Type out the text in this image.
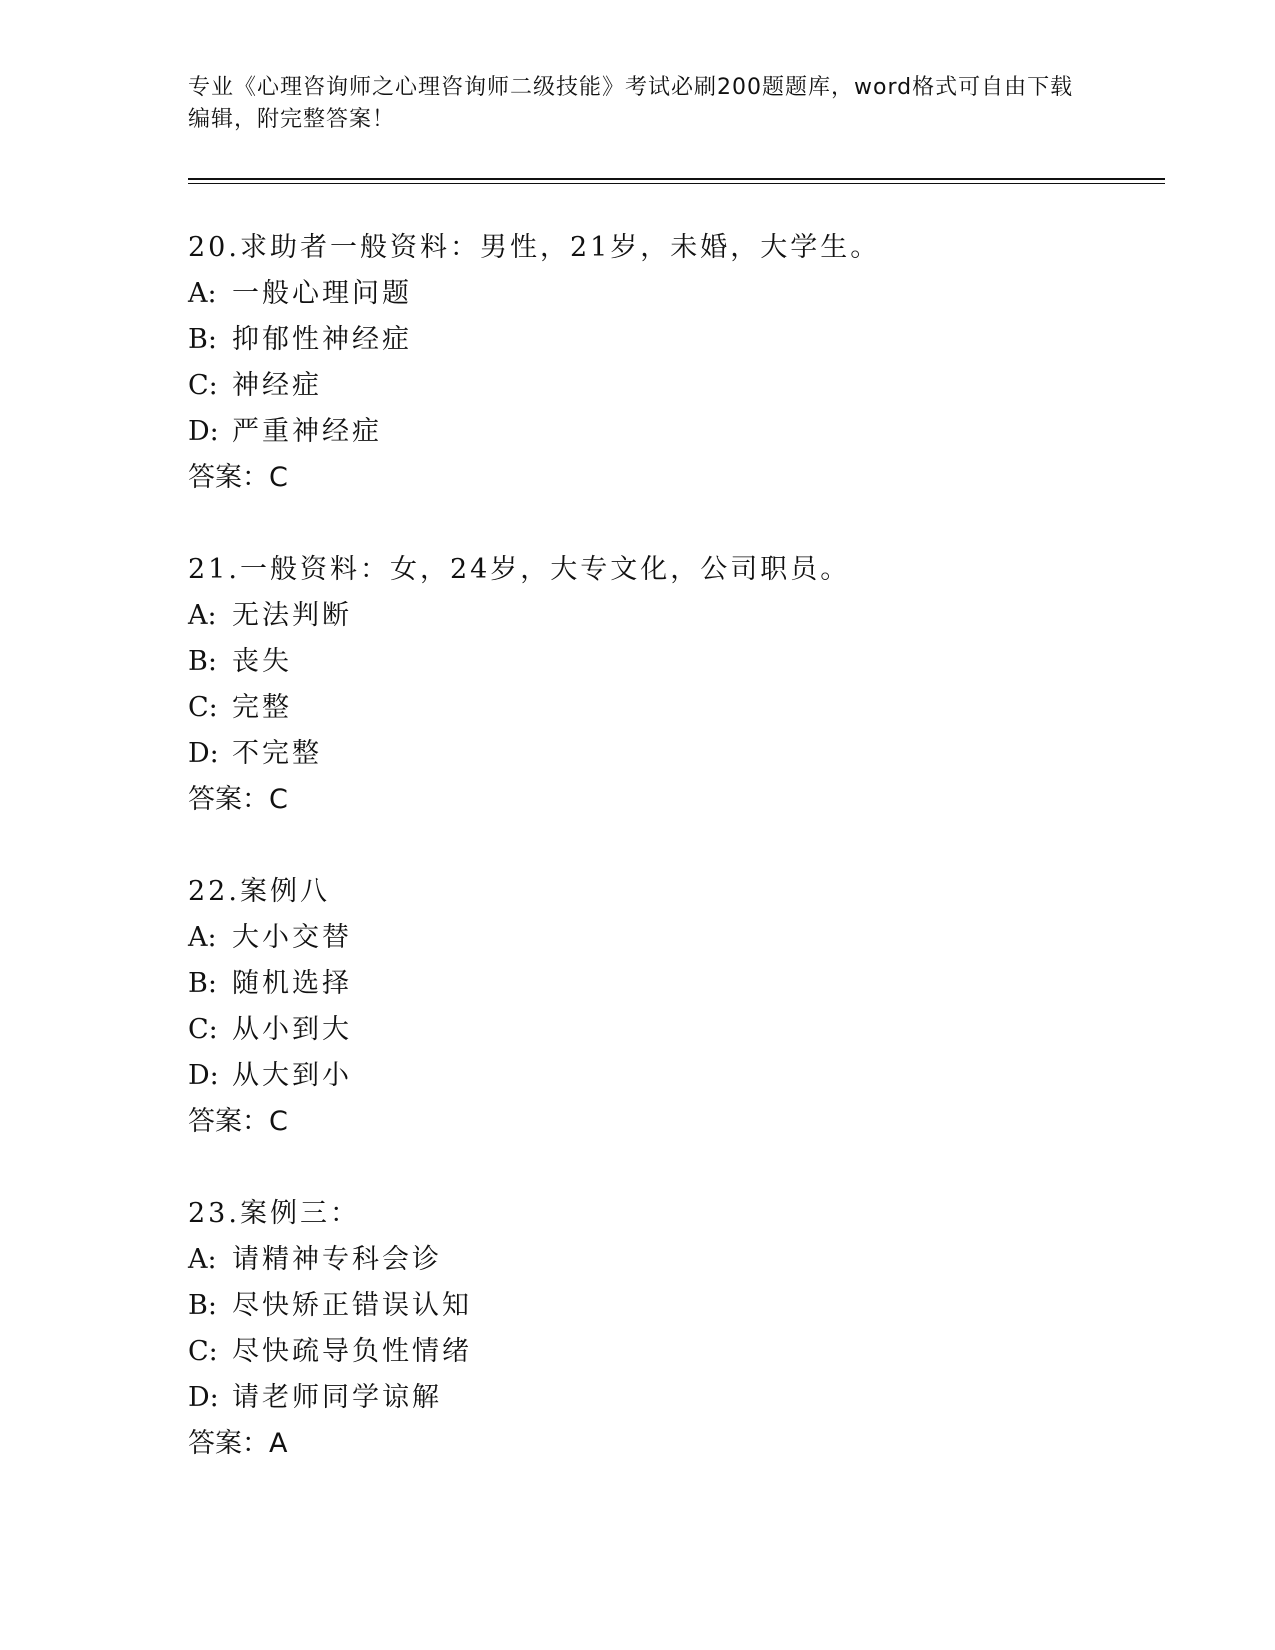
专业《心理咨询师之心理咨询师二级技能》考试必刷200题题库，word格式可自由下载编辑，附完整答案！

20.求助者一般资料：男性，21岁，未婚，大学生。
A: 一般心理问题
B: 抑郁性神经症
C: 神经症
D: 严重神经症
答案：C
21.一般资料：女，24岁，大专文化，公司职员。
A: 无法判断
B: 丧失
C: 完整
D: 不完整
答案：C
22.案例八
A: 大小交替
B: 随机选择
C: 从小到大
D: 从大到小
答案：C
23.案例三：
A: 请精神专科会诊
B: 尽快矫正错误认知
C: 尽快疏导负性情绪
D: 请老师同学谅解
答案：A
